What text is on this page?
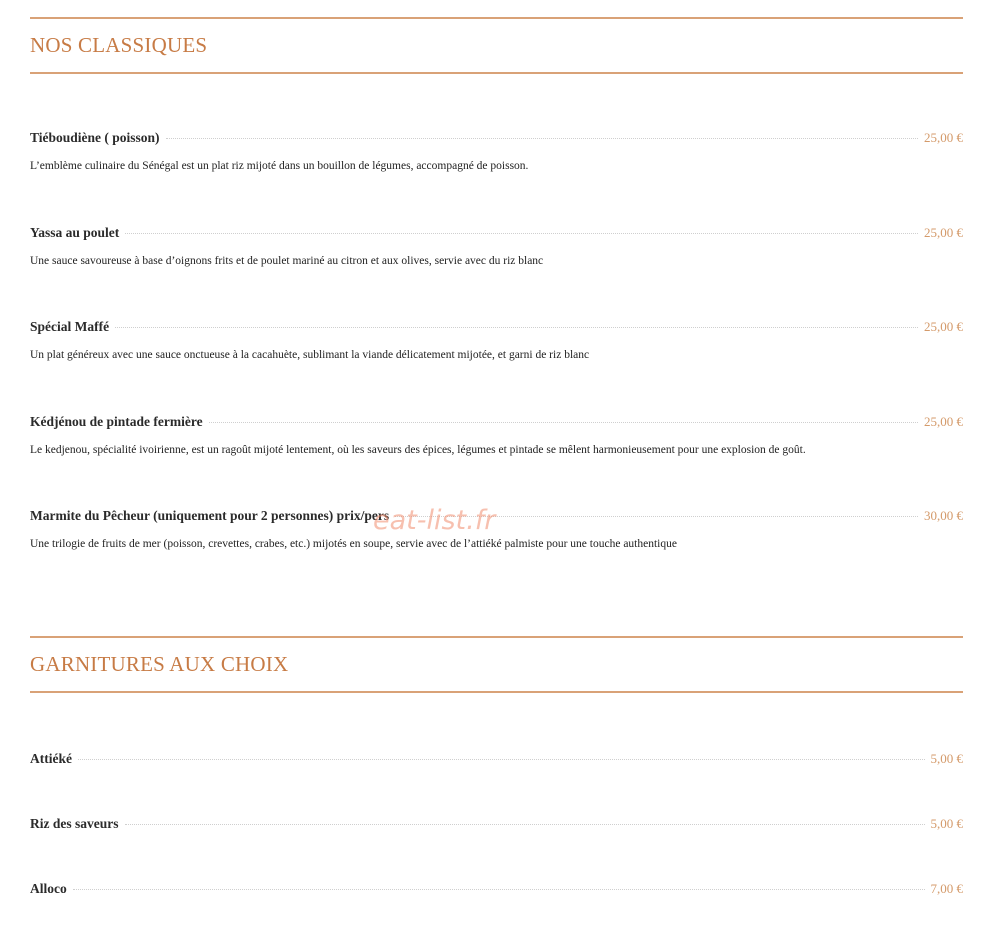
NOS CLASSIQUES
Tiéboudiène ( poisson)	25,00 €
L’emblème culinaire du Sénégal est un plat riz mijoté dans un bouillon de légumes, accompagné de poisson.
Yassa au poulet	25,00 €
Une sauce savoureuse à base d’oignons frits et de poulet mariné au citron et aux olives, servie avec du riz blanc
Spécial Maffé	25,00 €
Un plat généreux avec une sauce onctueuse à la cacahuète, sublimant la viande délicatement mijotée, et garni de riz blanc
Kédjénou de pintade fermière	25,00 €
Le kedjenou, spécialité ivoirienne, est un ragoût mijoté lentement, où les saveurs des épices, légumes et pintade se mêlent harmonieusement pour une explosion de goût.
Marmite du Pêcheur (uniquement pour 2 personnes) prix/pers	30,00 €
Une trilogie de fruits de mer (poisson, crevettes, crabes, etc.) mijotés en soupe, servie avec de l’attiéké palmiste pour une touche authentique
GARNITURES AUX CHOIX
Attiéké	5,00 €
Riz des saveurs	5,00 €
Alloco	7,00 €
eat-list.fr
